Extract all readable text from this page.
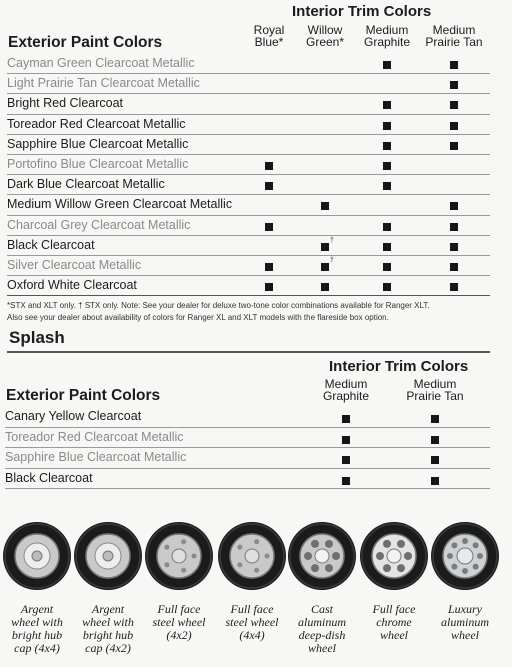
Interior Trim Colors
Exterior Paint Colors
Royal
Blue*
Willow
Green*
Medium
Graphite
Medium
Prairie Tan
Cayman Green Clearcoat Metallic
Light Prairie Tan Clearcoat Metallic
Bright Red Clearcoat
Toreador Red Clearcoat Metallic
Sapphire Blue Clearcoat Metallic
Portofino Blue Clearcoat Metallic
Dark Blue Clearcoat Metallic
Medium Willow Green Clearcoat Metallic
Charcoal Grey Clearcoat Metallic
Black Clearcoat	†
Silver Clearcoat Metallic	†
Oxford White Clearcoat
*STX and XLT only. † STX only. Note: See your dealer for deluxe two-tone color combinations available for Ranger XLT.
Also see your dealer about availability of colors for Ranger XL and XLT models with the flareside box option.
Splash
Interior Trim Colors
Exterior Paint Colors
Medium
Graphite
Medium
Prairie Tan
Canary Yellow Clearcoat
Toreador Red Clearcoat Metallic
Sapphire Blue Clearcoat Metallic
Black Clearcoat
Argent
wheel with
bright hub
cap (4x4)
Argent
wheel with
bright hub
cap (4x2)
Full face
steel wheel
(4x2)
Full face
steel wheel
(4x4)
Cast
aluminum
deep-dish
wheel
Full face
chrome
wheel
Luxury
aluminum
wheel
